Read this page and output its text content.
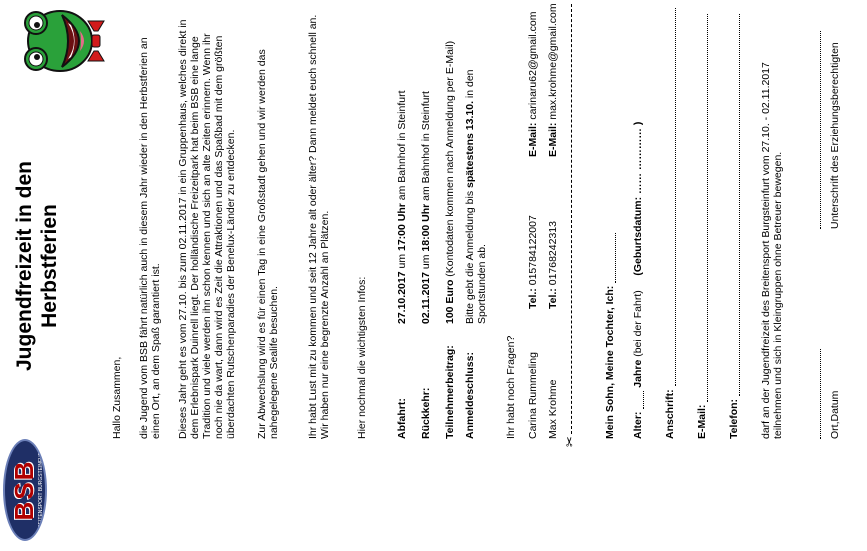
BSB BREITENSPORT BURGSTEINFURT
Jugendfreizeit in den Herbstferien
Hallo Zusammen, die Jugend vom BSB fährt natürlich auch in diesem Jahr wieder in den Herbstferien an einen Ort, an dem Spaß garantiert ist. Dieses Jahr geht es vom 27.10. bis zum 02.11.2017 in ein Gruppenhaus, welches direkt in dem Erlebnispark Duinrell liegt. Der holländische Freizeitpark hat beim BSB eine lange Tradition und viele werden ihn schon kennen und sich an alte Zeiten erinnern. Wenn ihr noch nie da wart, dann wird es Zeit die Attraktionen und das Spaßbad mit dem größten überdachten Rutschenparadies der Benelux-Länder zu entdecken. Zur Abwechslung wird es für einen Tag in eine Großstadt gehen und wir werden das nahegelegene Sealife besuchen.	Ihr habt Lust mit zu kommen und seit 12 Jahre alt oder älter? Dann meldet euch schnell an. Wir haben nur eine begrenzte Anzahl an Plätzen. Hier nochmal die wichtigsten Infos:	Abfahrt:
27.10.2017 um 17:00 Uhr am Bahnhof in Steinfurt
Rückkehr:
02.11.2017 um 18:00 Uhr am Bahnhof in Steinfurt
Teilnehmerbeitrag:
100 Euro (Kontodaten kommen nach Anmeldung per E-Mail)
Anmeldeschluss:
Bitte gebt die Anmeldung bis spätestens 13.10. in den Sportstunden ab.
Ihr habt noch Fragen? Carina Rummeling
Tel.: 015784122007
E-Mail: carinaru62@gmail.com
Max Krohme
Tel.: 01768242313
E-Mail: max.krohme@gmail.com
✂
Mein Sohn, Meine Tochter, Ich: Alter:  Jahre (bei der Fahrt)     (Geburtsdatum: …… ………… )
Anschrift: E-Mail: Telefon: darf an der Jugendfreizeit des Breitensport Burgsteinfurt vom 27.10. - 02.11.2017 teilnehmen und sich in Kleingruppen ohne Betreuer bewegen.	Ort,Datum
Unterschrift des Erziehungsberechtigten
